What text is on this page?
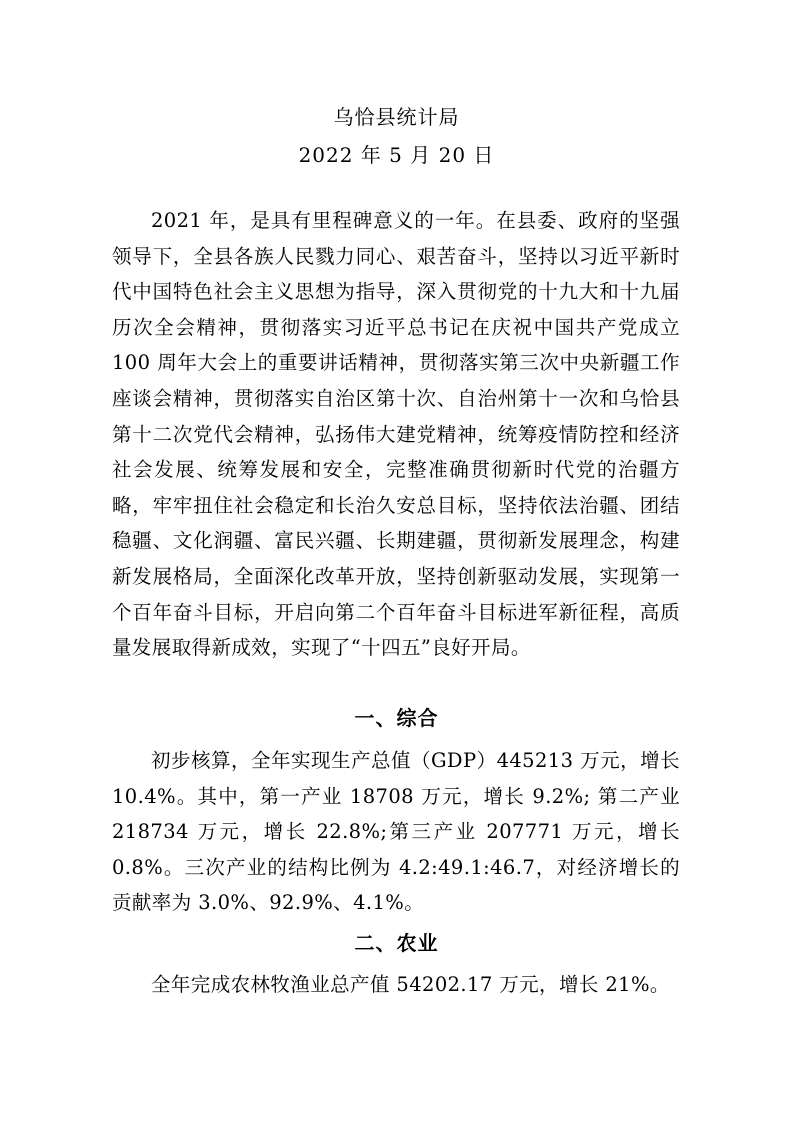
乌恰县统计局
2022 年 5 月 20 日

2021 年，是具有里程碑意义的一年。在县委、政府的坚强领导下，全县各族人民戮力同心、艰苦奋斗，坚持以习近平新时代中国特色社会主义思想为指导，深入贯彻党的十九大和十九届历次全会精神，贯彻落实习近平总书记在庆祝中国共产党成立 100 周年大会上的重要讲话精神，贯彻落实第三次中央新疆工作座谈会精神，贯彻落实自治区第十次、自治州第十一次和乌恰县第十二次党代会精神，弘扬伟大建党精神，统筹疫情防控和经济社会发展、统筹发展和安全，完整准确贯彻新时代党的治疆方略，牢牢扭住社会稳定和长治久安总目标，坚持依法治疆、团结稳疆、文化润疆、富民兴疆、长期建疆，贯彻新发展理念，构建新发展格局，全面深化改革开放，坚持创新驱动发展，实现第一个百年奋斗目标，开启向第二个百年奋斗目标进军新征程，高质量发展取得新成效，实现了“十四五”良好开局。

一、综合

初步核算，全年实现生产总值（GDP）445213 万元，增长 10.4%。其中，第一产业 18708 万元，增长 9.2%; 第二产业 218734 万元，增长 22.8%;第三产业 207771 万元，增长 0.8%。三次产业的结构比例为 4.2:49.1:46.7，对经济增长的贡献率为 3.0%、92.9%、4.1%。

二、农业

全年完成农林牧渔业总产值 54202.17 万元，增长 21%。
